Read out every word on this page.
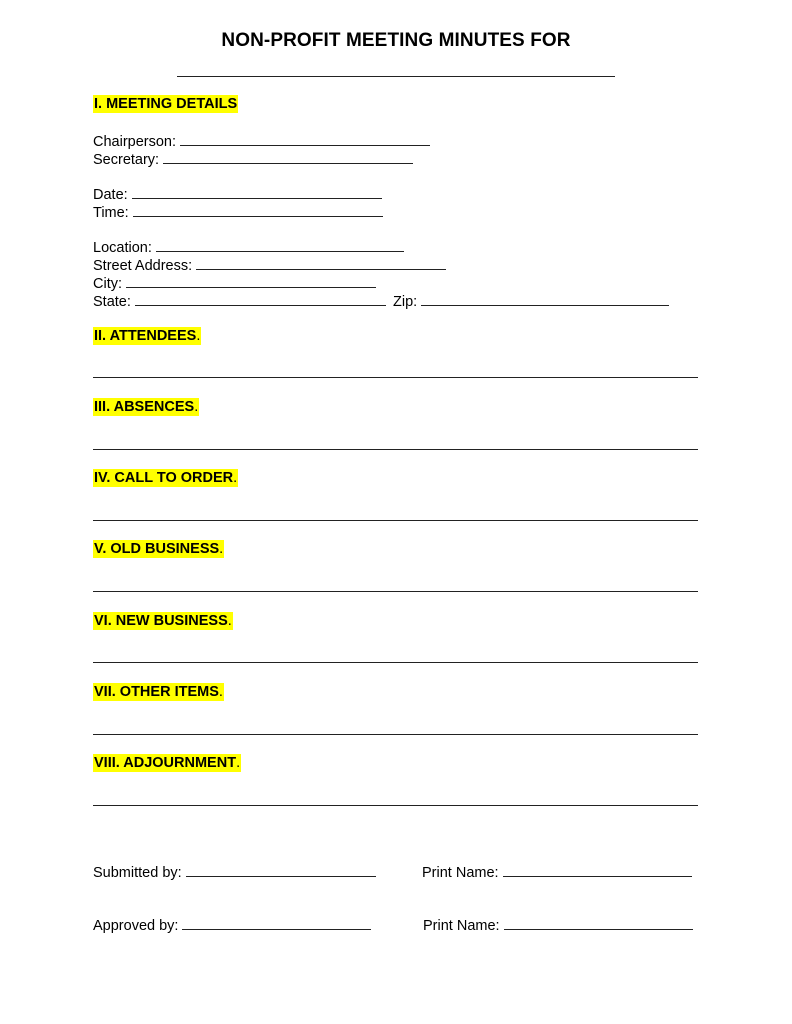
NON-PROFIT MEETING MINUTES FOR
I. MEETING DETAILS
Chairperson:
Secretary:
Date:
Time:
Location:
Street Address:
City:
State:	Zip:
II. ATTENDEES.
III. ABSENCES.
IV. CALL TO ORDER.
V. OLD BUSINESS.
VI. NEW BUSINESS.
VII. OTHER ITEMS.
VIII. ADJOURNMENT.
Submitted by:	Print Name:
Approved by:	Print Name:
